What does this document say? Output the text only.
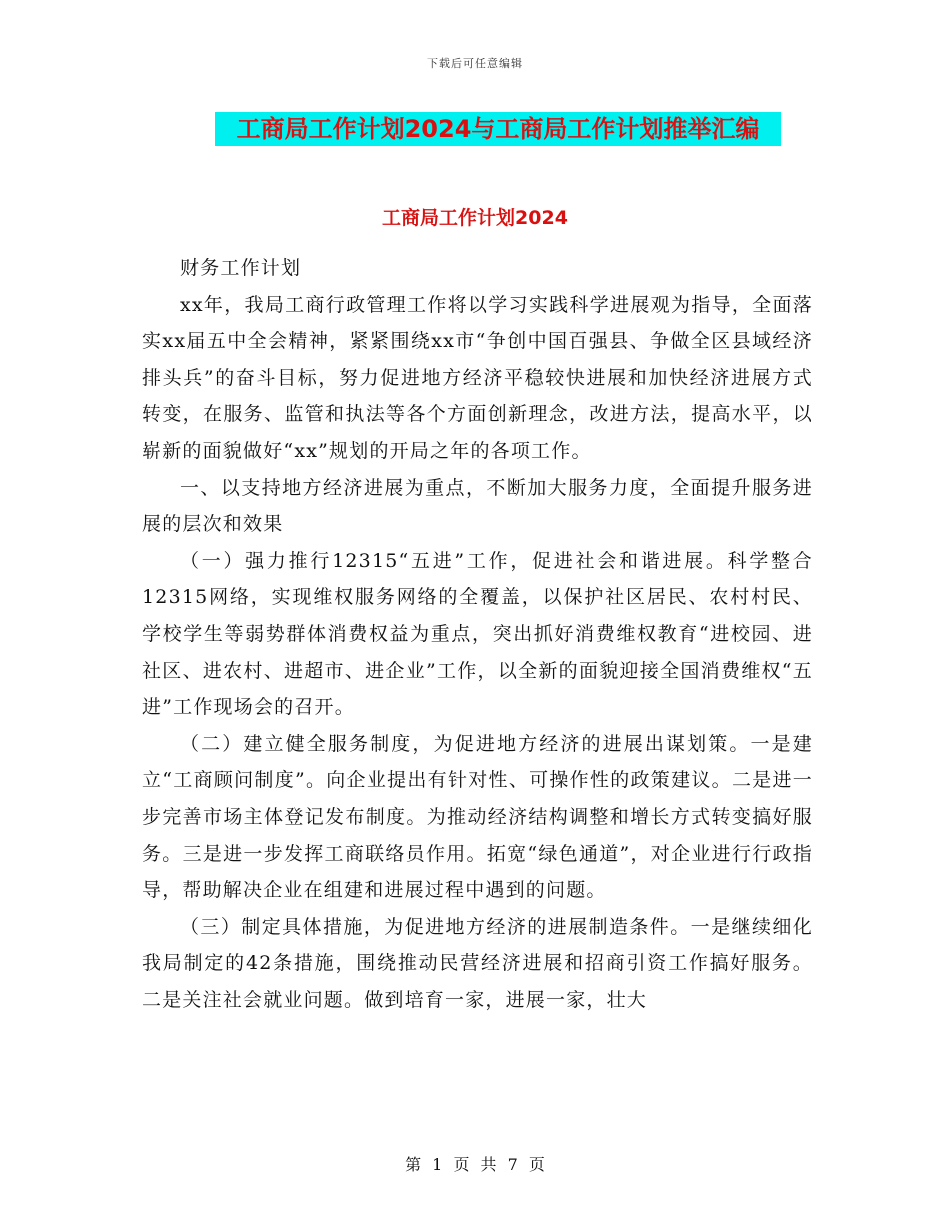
下载后可任意编辑
工商局工作计划2024与工商局工作计划推举汇编
工商局工作计划2024

财务工作计划

xx年，我局工商行政管理工作将以学习实践科学进展观为指导，全面落实xx届五中全会精神，紧紧围绕xx市“争创中国百强县、争做全区县域经济排头兵”的奋斗目标，努力促进地方经济平稳较快进展和加快经济进展方式转变，在服务、监管和执法等各个方面创新理念，改进方法，提高水平，以崭新的面貌做好“xx”规划的开局之年的各项工作。

一、以支持地方经济进展为重点，不断加大服务力度，全面提升服务进展的层次和效果

（一）强力推行12315“五进”工作，促进社会和谐进展。科学整合12315网络，实现维权服务网络的全覆盖，以保护社区居民、农村村民、学校学生等弱势群体消费权益为重点，突出抓好消费维权教育“进校园、进社区、进农村、进超市、进企业”工作，以全新的面貌迎接全国消费维权“五进”工作现场会的召开。

（二）建立健全服务制度，为促进地方经济的进展出谋划策。一是建立“工商顾问制度”。向企业提出有针对性、可操作性的政策建议。二是进一步完善市场主体登记发布制度。为推动经济结构调整和增长方式转变搞好服务。三是进一步发挥工商联络员作用。拓宽“绿色通道”，对企业进行行政指导，帮助解决企业在组建和进展过程中遇到的问题。

（三）制定具体措施，为促进地方经济的进展制造条件。一是继续细化我局制定的42条措施，围绕推动民营经济进展和招商引资工作搞好服务。二是关注社会就业问题。做到培育一家，进展一家，壮大

第 1 页 共 7 页
